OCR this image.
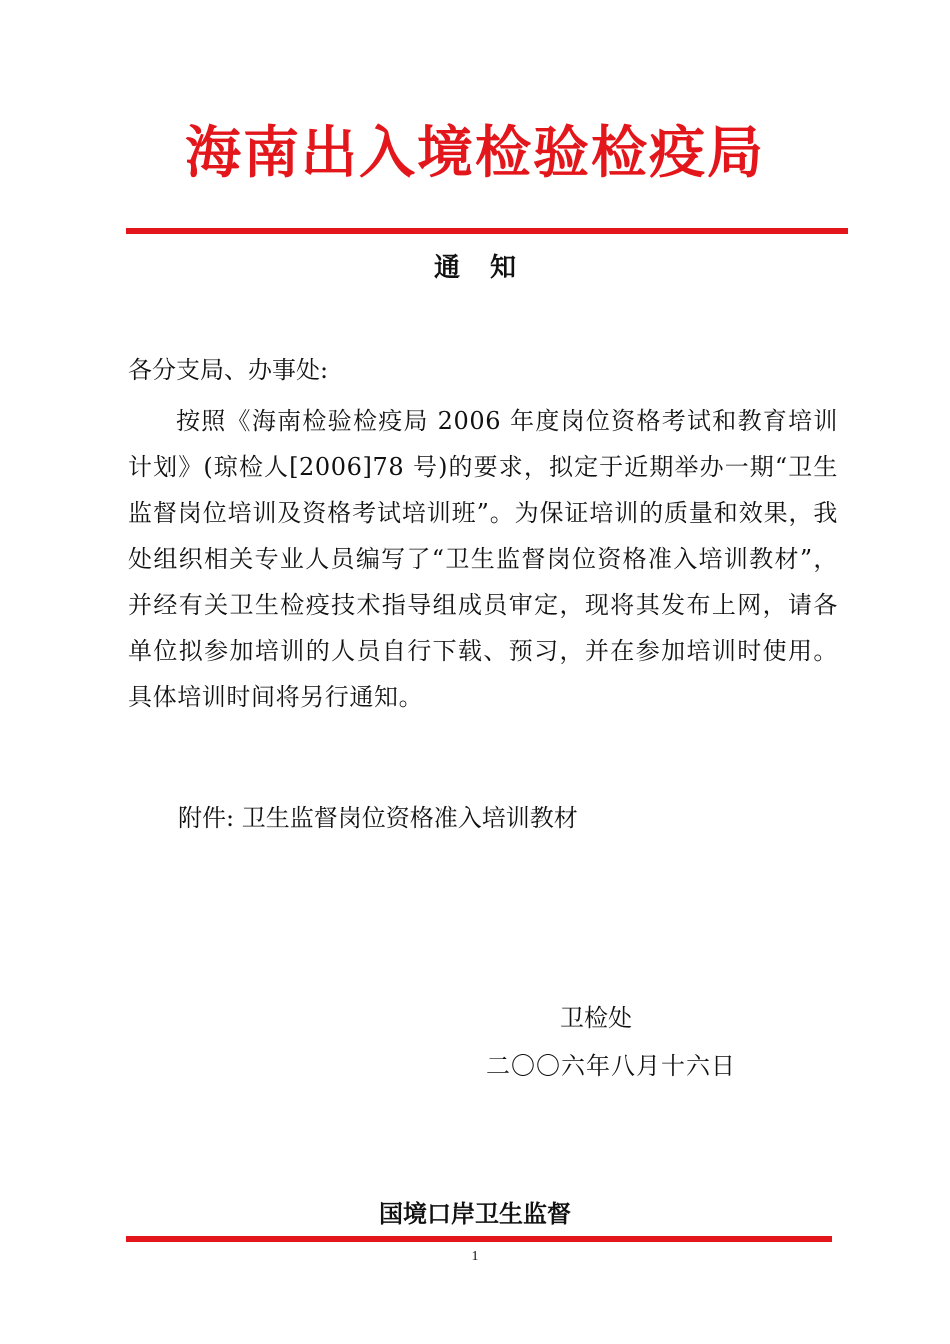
海南出入境检验检疫局
通知
各分支局、办事处:
按照《海南检验检疫局 2006 年度岗位资格考试和教育培训计划》(琼检人[2006]78 号)的要求，拟定于近期举办一期“卫生监督岗位培训及资格考试培训班”。为保证培训的质量和效果，我处组织相关专业人员编写了“卫生监督岗位资格准入培训教材”，并经有关卫生检疫技术指导组成员审定，现将其发布上网，请各单位拟参加培训的人员自行下载、预习，并在参加培训时使用。具体培训时间将另行通知。
附件: 卫生监督岗位资格准入培训教材
卫检处
二〇〇六年八月十六日
国境口岸卫生监督
1
